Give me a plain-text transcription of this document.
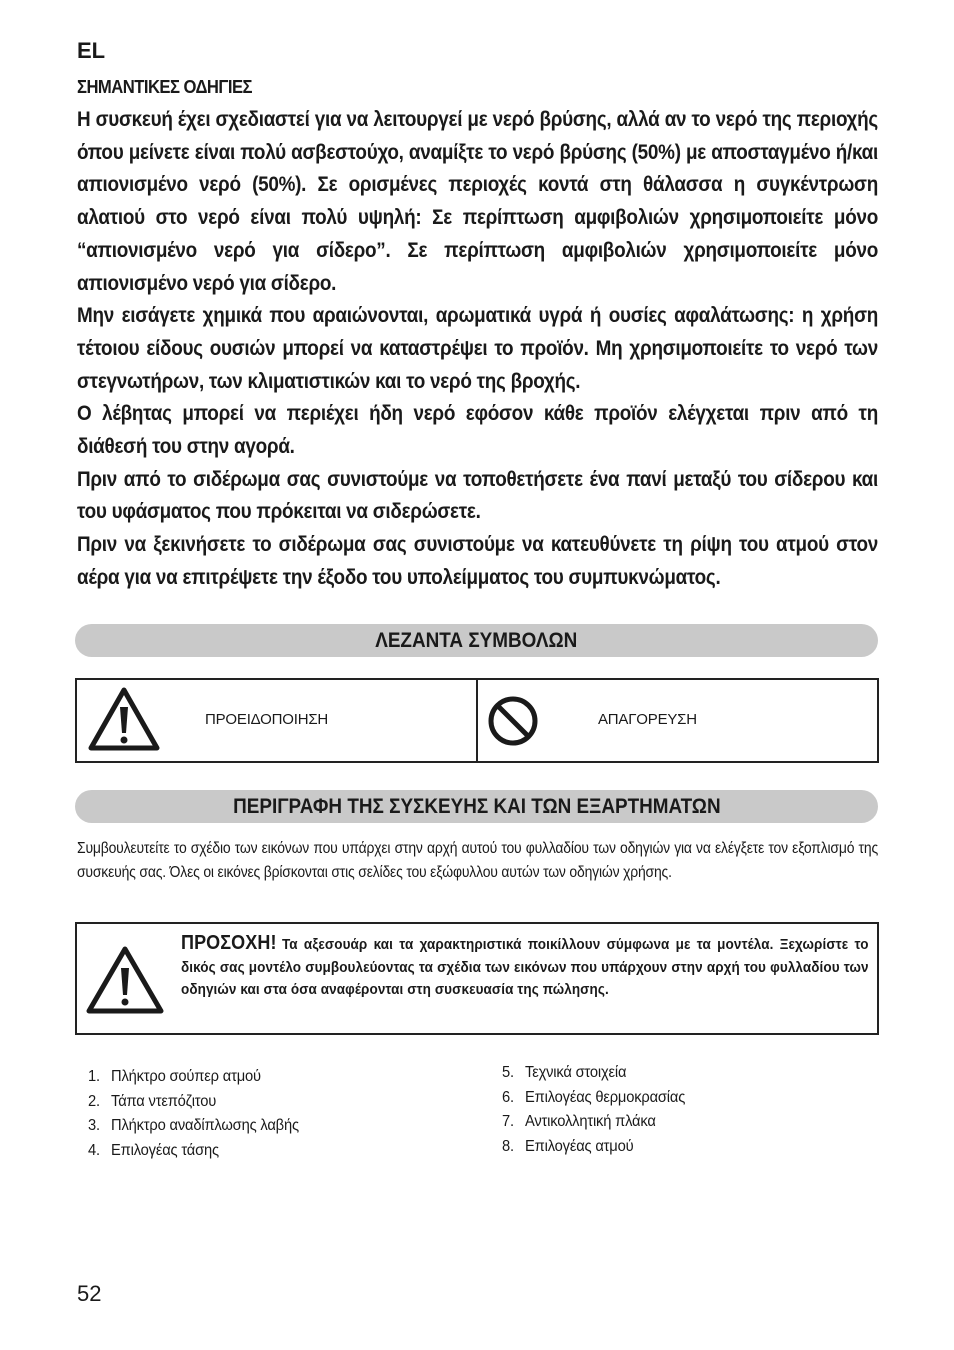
EL
ΣΗΜΑΝΤΙΚΕΣ ΟΔΗΓΙΕΣ

Η συσκευή έχει σχεδιαστεί για να λειτουργεί με νερό βρύσης, αλλά αν το νερό της περιοχής όπου μείνετε είναι πολύ ασβεστούχο, αναμίξτε το νερό βρύσης (50%) με αποσταγμένο ή/και απιονισμένο νερό (50%). Σε ορισμένες περιοχές κοντά στη θάλασσα η συγκέντρωση αλατιού στο νερό είναι πολύ υψηλή: Σε περίπτωση αμφιβολιών χρησιμοποιείτε μόνο “απιονισμένο νερό για σίδερο”. Σε περίπτωση αμφιβολιών χρησιμοποιείτε μόνο απιονισμένο νερό για σίδερο.

Μην εισάγετε χημικά που αραιώνονται, αρωματικά υγρά ή ουσίες αφαλάτωσης: η χρήση τέτοιου είδους ουσιών μπορεί να καταστρέψει το προϊόν. Μη χρησιμοποιείτε το νερό των στεγνωτήρων, των κλιματιστικών και το νερό της βροχής.

Ο λέβητας μπορεί να περιέχει ήδη νερό εφόσον κάθε προϊόν ελέγχεται πριν από τη διάθεσή του στην αγορά.

Πριν από το σιδέρωμα σας συνιστούμε να τοποθετήσετε ένα πανί μεταξύ του σίδερου και του υφάσματος που πρόκειται να σιδερώσετε.

Πριν να ξεκινήσετε το σιδέρωμα σας συνιστούμε να κατευθύνετε τη ρίψη του ατμού στον αέρα για να επιτρέψετε την έξοδο του υπολείμματος του συμπυκνώματος.

ΛΕΖΑΝΤΑ ΣΥΜΒΟΛΩΝ
ΠΡΟΕΙΔΟΠΟΙΗΣΗ	ΑΠΑΓΟΡΕΥΣΗ
ΠΕΡΙΓΡΑΦΗ ΤΗΣ ΣΥΣΚΕΥΗΣ ΚΑΙ ΤΩΝ ΕΞΑΡΤΗΜΑΤΩΝ
Συμβουλευτείτε το σχέδιο των εικόνων που υπάρχει στην αρχή αυτού του φυλλαδίου των οδηγιών για να ελέγξετε τον εξοπλισμό της συσκευής σας. Όλες οι εικόνες βρίσκονται στις σελίδες του εξώφυλλου αυτών των οδηγιών χρήσης.
ΠΡΟΣΟΧΗ! Τα αξεσουάρ και τα χαρακτηριστικά ποικίλλουν σύμφωνα με τα μοντέλα. Ξεχωρίστε το δικός σας μοντέλο συμβουλεύοντας τα σχέδια των εικόνων που υπάρχουν στην αρχή του φυλλαδίου των οδηγιών και στα όσα αναφέρονται στη συσκευασία της πώλησης.
1. Πλήκτρο σούπερ ατμού
2. Τάπα ντεπόζιτου
3. Πλήκτρο αναδίπλωσης λαβής
4. Επιλογέας τάσης
5. Τεχνικά στοιχεία
6. Επιλογέας θερμοκρασίας
7. Αντικολλητική πλάκα
8. Επιλογέας ατμού
52
